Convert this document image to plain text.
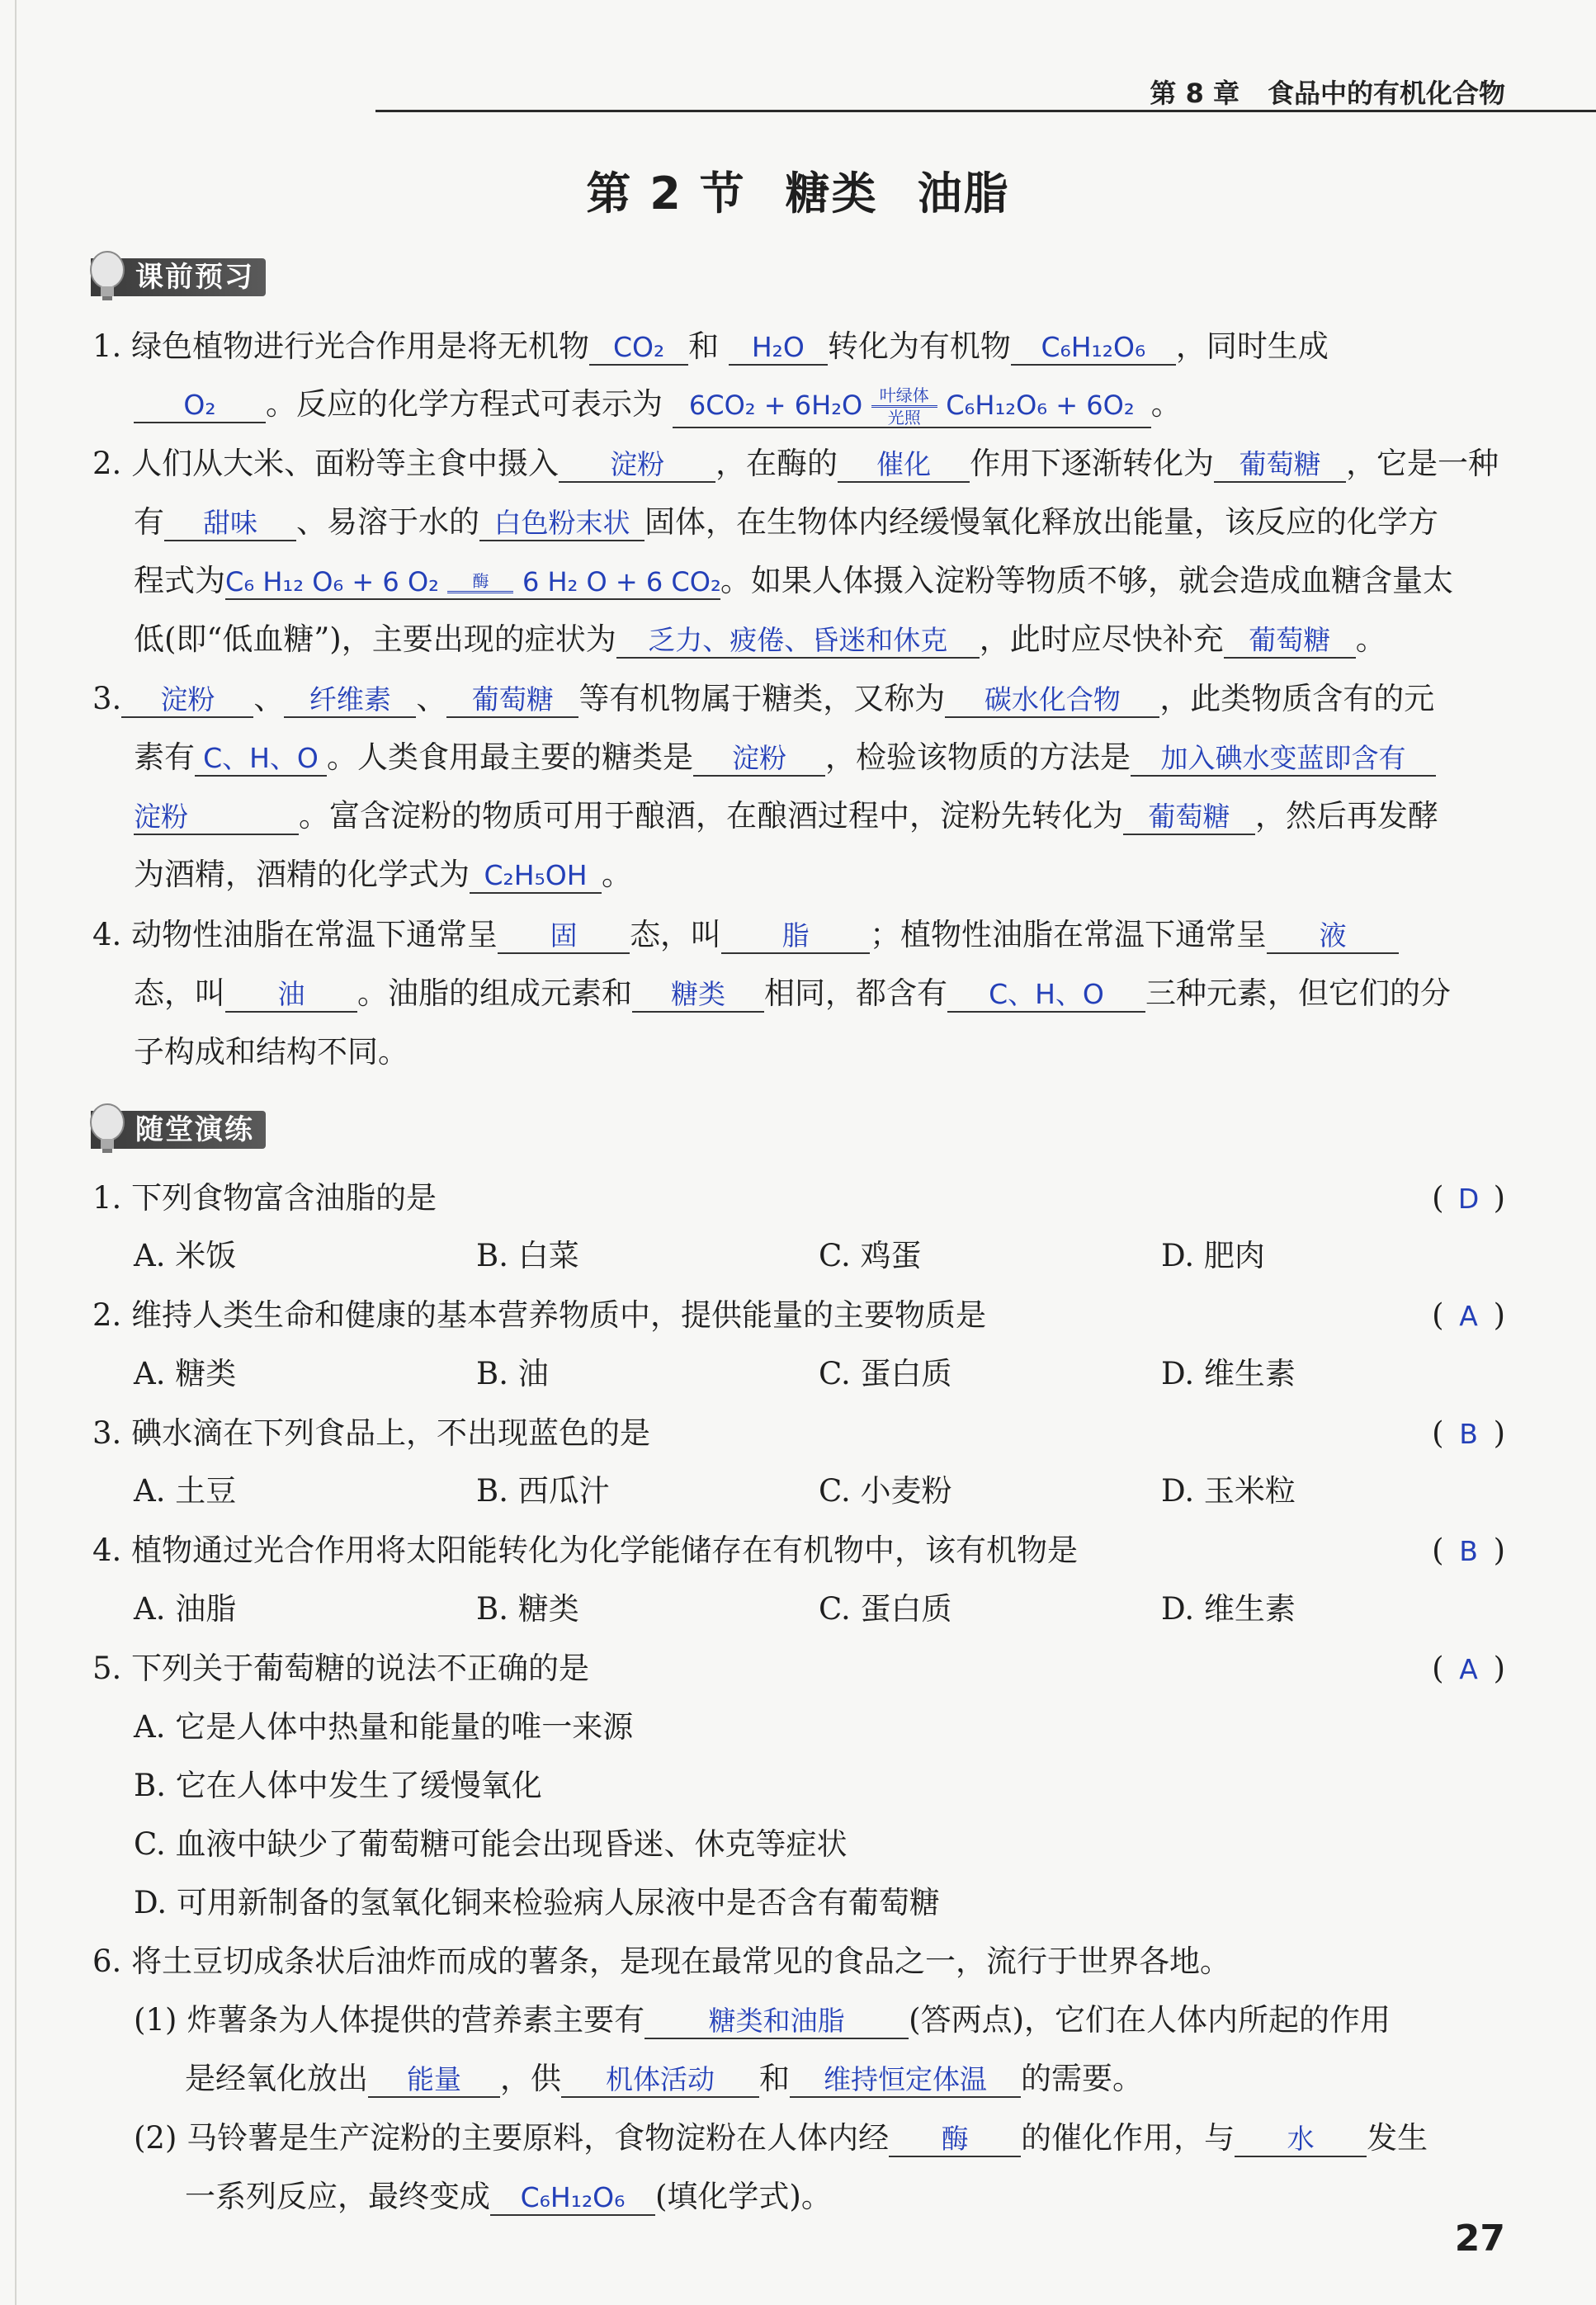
第 8 章 食品中的有机化合物
第 2 节 糖类 油脂
课前预习
1. 绿色植物进行光合作用是将无机物 CO₂ 和 H₂O 转化为有机物 C₆H₁₂O₆ ，同时生成
O₂ 。反应的化学方程式可表示为 6CO₂ + 6H₂O 叶绿体
光照 C₆H₁₂O₆ + 6O₂ 。
2. 人们从大米、面粉等主食中摄入 淀粉 ，在酶的 催化 作用下逐渐转化为 葡萄糖 ，它是一种
有 甜味 、易溶于水的 白色粉末状 固体，在生物体内经缓慢氧化释放出能量，该反应的化学方
程式为C₆ H₁₂ O₆ + 6 O₂ 酶 6 H₂ O + 6 CO₂。如果人体摄入淀粉等物质不够，就会造成血糖含量太
低(即“低血糖”)，主要出现的症状为 乏力、疲倦、昏迷和休克 ，此时应尽快补充 葡萄糖 。
3. 淀粉 、 纤维素 、 葡萄糖 等有机物属于糖类，又称为 碳水化合物 ，此类物质含有的元
素有 C、H、O 。人类食用最主要的糖类是 淀粉 ，检验该物质的方法是 加入碘水变蓝即含有
淀粉	。富含淀粉的物质可用于酿酒，在酿酒过程中，淀粉先转化为 葡萄糖 ，然后再发酵
为酒精，酒精的化学式为 C₂H₅OH 。
4. 动物性油脂在常温下通常呈 固 态，叫 脂 ；植物性油脂在常温下通常呈 液
态，叫 油 。油脂的组成元素和 糖类 相同，都含有 C、H、O 三种元素，但它们的分
子构成和结构不同。
随堂演练
1. 下列食物富含油脂的是	( D )
A. 米饭	B. 白菜	C. 鸡蛋	D. 肥肉
2. 维持人类生命和健康的基本营养物质中，提供能量的主要物质是	( A )
A. 糖类	B. 油	C. 蛋白质	D. 维生素
3. 碘水滴在下列食品上，不出现蓝色的是	( B )
A. 土豆	B. 西瓜汁	C. 小麦粉	D. 玉米粒
4. 植物通过光合作用将太阳能转化为化学能储存在有机物中，该有机物是	( B )
A. 油脂	B. 糖类	C. 蛋白质	D. 维生素
5. 下列关于葡萄糖的说法不正确的是	( A )
A. 它是人体中热量和能量的唯一来源
B. 它在人体中发生了缓慢氧化
C. 血液中缺少了葡萄糖可能会出现昏迷、休克等症状
D. 可用新制备的氢氧化铜来检验病人尿液中是否含有葡萄糖
6. 将土豆切成条状后油炸而成的薯条，是现在最常见的食品之一，流行于世界各地。
(1) 炸薯条为人体提供的营养素主要有 糖类和油脂 (答两点)，它们在人体内所起的作用
是经氧化放出 能量 ，供 机体活动 和 维持恒定体温 的需要。
(2) 马铃薯是生产淀粉的主要原料，食物淀粉在人体内经 酶 的催化作用，与 水 发生
一系列反应，最终变成 C₆H₁₂O₆ (填化学式)。
27
